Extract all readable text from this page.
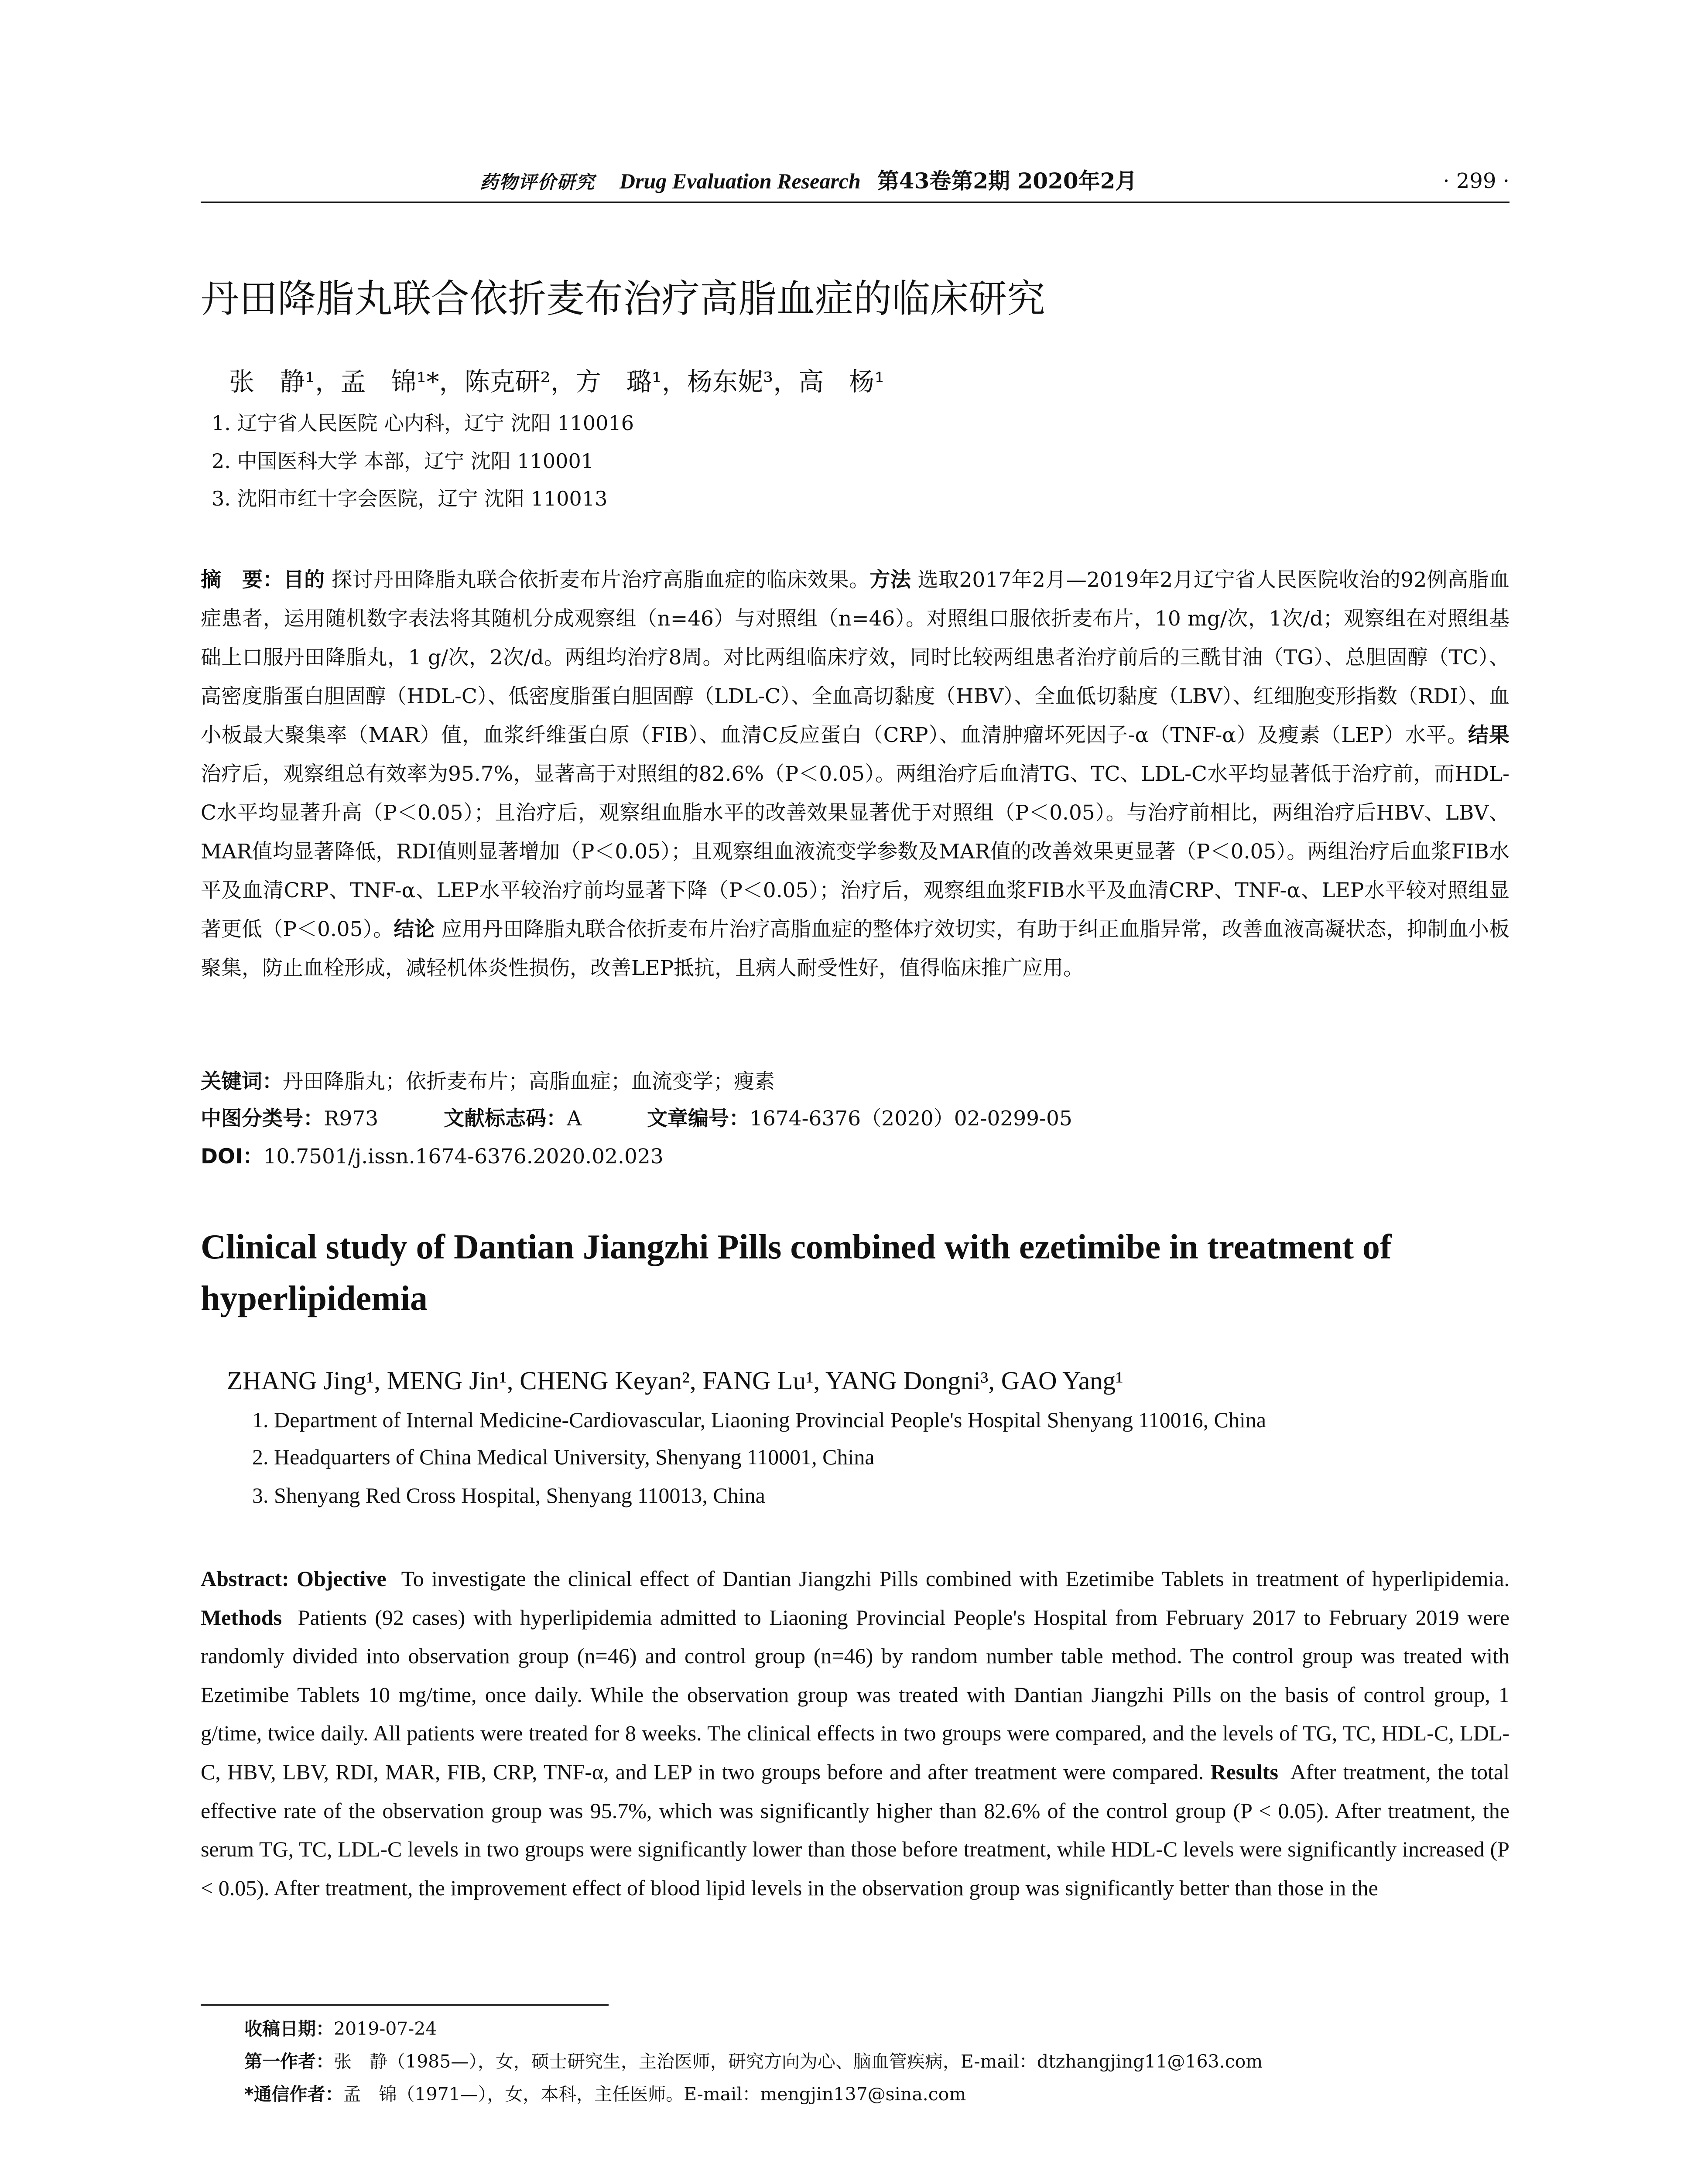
药物评价研究 Drug Evaluation Research 第43卷第2期 2020年2月	· 299 ·
丹田降脂丸联合依折麦布治疗高脂血症的临床研究
张　静¹，孟　锦¹*，陈克研²，方　璐¹，杨东妮³，高　杨¹
1. 辽宁省人民医院 心内科，辽宁 沈阳 110016
2. 中国医科大学 本部，辽宁 沈阳 110001
3. 沈阳市红十字会医院，辽宁 沈阳 110013
摘　要：目的 探讨丹田降脂丸联合依折麦布片治疗高脂血症的临床效果。方法 选取2017年2月—2019年2月辽宁省人民医院收治的92例高脂血症患者，运用随机数字表法将其随机分成观察组（n=46）与对照组（n=46）。对照组口服依折麦布片，10 mg/次，1次/d；观察组在对照组基础上口服丹田降脂丸，1 g/次，2次/d。两组均治疗8周。对比两组临床疗效，同时比较两组患者治疗前后的三酰甘油（TG）、总胆固醇（TC）、高密度脂蛋白胆固醇（HDL-C）、低密度脂蛋白胆固醇（LDL-C）、全血高切黏度（HBV）、全血低切黏度（LBV）、红细胞变形指数（RDI）、血小板最大聚集率（MAR）值，血浆纤维蛋白原（FIB）、血清C反应蛋白（CRP）、血清肿瘤坏死因子-α（TNF-α）及瘦素（LEP）水平。结果 治疗后，观察组总有效率为95.7%，显著高于对照组的82.6%（P＜0.05）。两组治疗后血清TG、TC、LDL-C水平均显著低于治疗前，而HDL-C水平均显著升高（P＜0.05）；且治疗后，观察组血脂水平的改善效果显著优于对照组（P＜0.05）。与治疗前相比，两组治疗后HBV、LBV、MAR值均显著降低，RDI值则显著增加（P＜0.05）；且观察组血液流变学参数及MAR值的改善效果更显著（P＜0.05）。两组治疗后血浆FIB水平及血清CRP、TNF-α、LEP水平较治疗前均显著下降（P＜0.05）；治疗后，观察组血浆FIB水平及血清CRP、TNF-α、LEP水平较对照组显著更低（P＜0.05）。结论 应用丹田降脂丸联合依折麦布片治疗高脂血症的整体疗效切实，有助于纠正血脂异常，改善血液高凝状态，抑制血小板聚集，防止血栓形成，减轻机体炎性损伤，改善LEP抵抗，且病人耐受性好，值得临床推广应用。
关键词：丹田降脂丸；依折麦布片；高脂血症；血流变学；瘦素
中图分类号：R973	文献标志码：A	文章编号：1674-6376（2020）02-0299-05
DOI：10.7501/j.issn.1674-6376.2020.02.023
Clinical study of Dantian Jiangzhi Pills combined with ezetimibe in treatment of hyperlipidemia
ZHANG Jing¹, MENG Jin¹, CHENG Keyan², FANG Lu¹, YANG Dongni³, GAO Yang¹
1. Department of Internal Medicine-Cardiovascular, Liaoning Provincial People's Hospital Shenyang 110016, China
2. Headquarters of China Medical University, Shenyang 110001, China
3. Shenyang Red Cross Hospital, Shenyang 110013, China
Abstract: Objective To investigate the clinical effect of Dantian Jiangzhi Pills combined with Ezetimibe Tablets in treatment of hyperlipidemia. Methods Patients (92 cases) with hyperlipidemia admitted to Liaoning Provincial People's Hospital from February 2017 to February 2019 were randomly divided into observation group (n=46) and control group (n=46) by random number table method. The control group was treated with Ezetimibe Tablets 10 mg/time, once daily. While the observation group was treated with Dantian Jiangzhi Pills on the basis of control group, 1 g/time, twice daily. All patients were treated for 8 weeks. The clinical effects in two groups were compared, and the levels of TG, TC, HDL-C, LDL-C, HBV, LBV, RDI, MAR, FIB, CRP, TNF-α, and LEP in two groups before and after treatment were compared. Results After treatment, the total effective rate of the observation group was 95.7%, which was significantly higher than 82.6% of the control group (P < 0.05). After treatment, the serum TG, TC, LDL-C levels in two groups were significantly lower than those before treatment, while HDL-C levels were significantly increased (P < 0.05). After treatment, the improvement effect of blood lipid levels in the observation group was significantly better than those in the
收稿日期：2019-07-24
第一作者：张　静（1985—），女，硕士研究生，主治医师，研究方向为心、脑血管疾病，E-mail：dtzhangjing11@163.com
*通信作者：孟　锦（1971—），女，本科，主任医师。E-mail：mengjin137@sina.com
